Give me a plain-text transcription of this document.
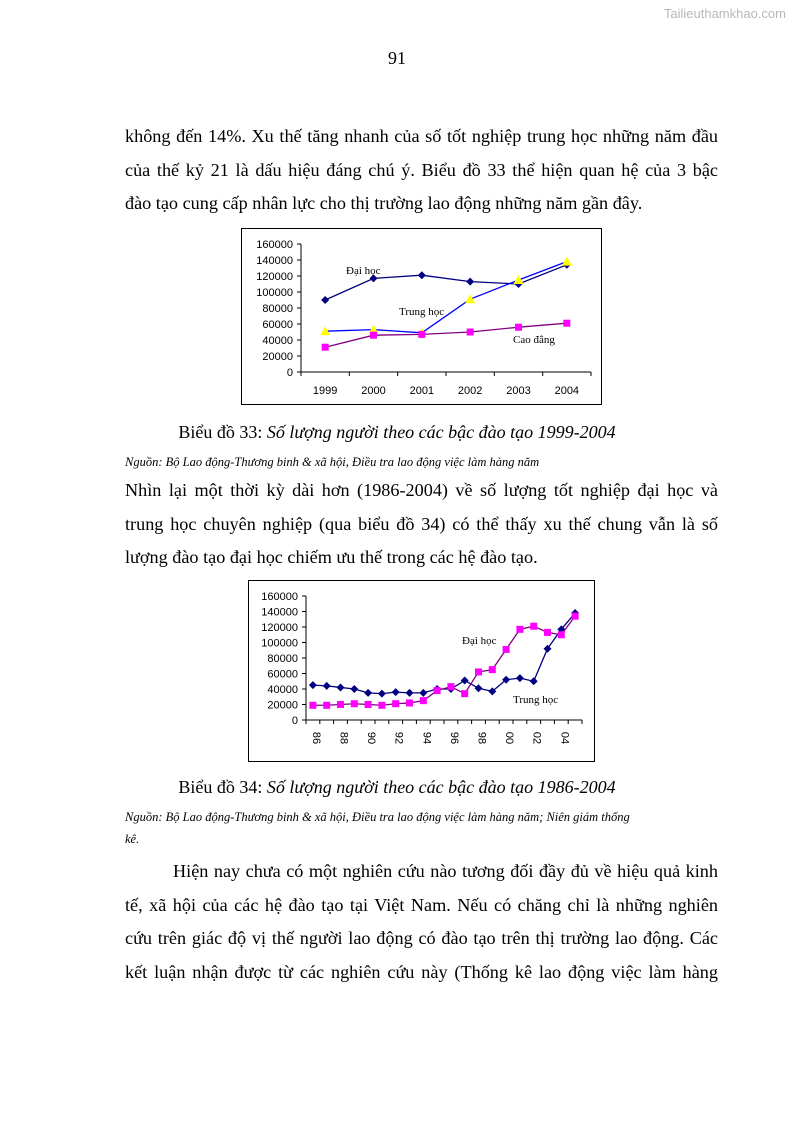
Tailieuthamkhao.com
91
không đến 14%. Xu thế tăng nhanh của số tốt nghiệp trung học những năm đầu
của thế kỷ 21 là dấu hiệu đáng chú ý. Biểu đồ 33 thể hiện quan hệ của 3 bậc
đào tạo cung cấp nhân lực cho thị trường lao động những năm gần đây.
0
20000
40000
60000
80000
100000
120000
140000
160000
1999 2000 2001 2002 2003 2004
Đại học
Trung học
Cao đẳng
Biểu đồ 33: Số lượng người theo các bậc đào tạo 1999-2004
Nguồn: Bộ Lao động-Thương binh & xã hội, Điều tra lao động việc làm hàng năm
Nhìn lại một thời kỳ dài hơn (1986-2004) về số lượng tốt nghiệp đại học và
trung học chuyên nghiệp (qua biểu đồ 34) có thể thấy xu thế chung vẫn là số
lượng đào tạo đại học chiếm ưu thế trong các hệ đào tạo.
0
20000
40000
60000
80000
100000
120000
140000
160000
86 88 90 92 94 96 98 00 02 04
Đại học
Trung học
Biểu đồ 34: Số lượng người theo các bậc đào tạo 1986-2004
Nguồn: Bộ Lao động-Thương binh & xã hội, Điều tra lao động việc làm hàng năm; Niên giám thống
kê.
Hiện nay chưa có một nghiên cứu nào tương đối đầy đủ về hiệu quả kinh
tế, xã hội của các hệ đào tạo tại Việt Nam. Nếu có chăng chỉ là những nghiên
cứu trên giác độ vị thế người lao động có đào tạo trên thị trường lao động. Các
kết luận nhận được từ các nghiên cứu này (Thống kê lao động việc làm hàng
